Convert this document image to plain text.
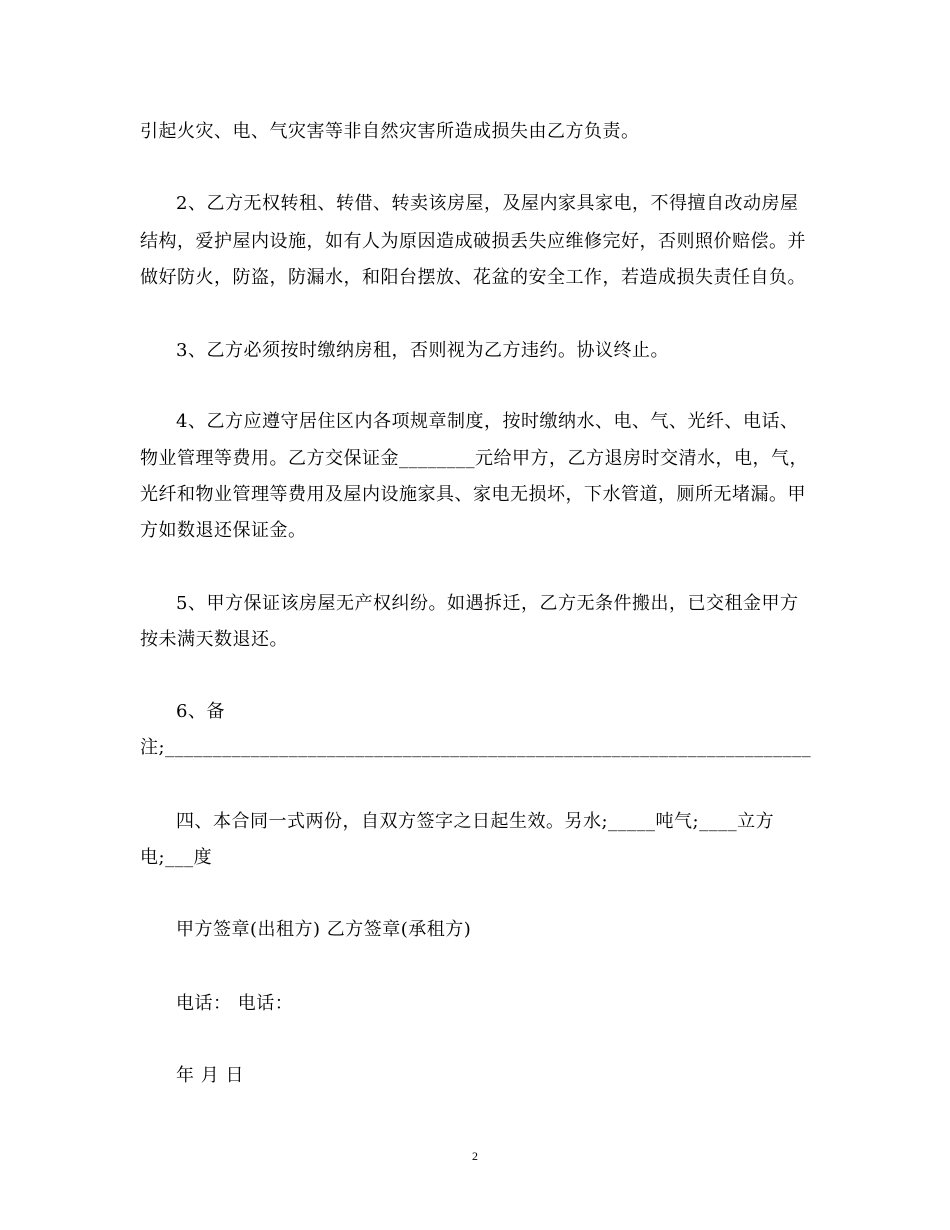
引起火灾、电、气灾害等非自然灾害所造成损失由乙方负责。
2、乙方无权转租、转借、转卖该房屋，及屋内家具家电，不得擅自改动房屋
结构，爱护屋内设施，如有人为原因造成破损丢失应维修完好，否则照价赔偿。并
做好防火，防盗，防漏水，和阳台摆放、花盆的安全工作，若造成损失责任自负。
3、乙方必须按时缴纳房租，否则视为乙方违约。协议终止。
4、乙方应遵守居住区内各项规章制度，按时缴纳水、电、气、光纤、电话、
物业管理等费用。乙方交保证金________元给甲方，乙方退房时交清水，电，气，
光纤和物业管理等费用及屋内设施家具、家电无损坏，下水管道，厕所无堵漏。甲
方如数退还保证金。
5、甲方保证该房屋无产权纠纷。如遇拆迁，乙方无条件搬出，已交租金甲方
按未满天数退还。
6、备
注;____________________________________________________________________
四、本合同一式两份，自双方签字之日起生效。另水;_____吨气;____立方
电;___度
甲方签章(出租方) 乙方签章(承租方)
电话： 电话：
年 月 日
2
